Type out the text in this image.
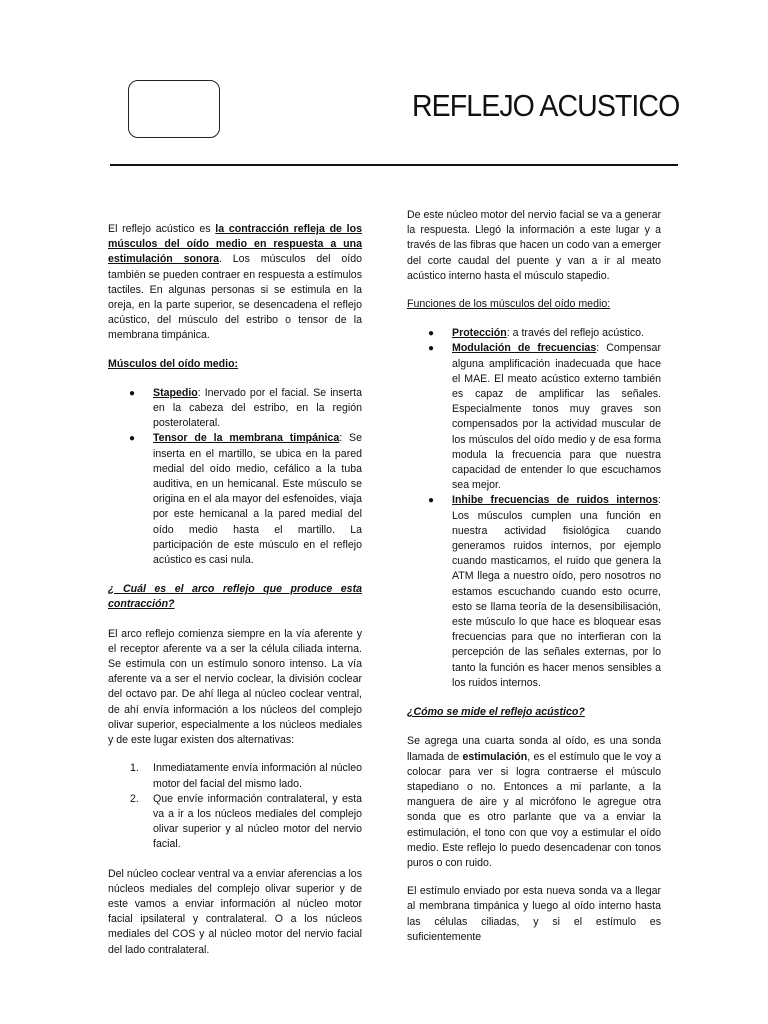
REFLEJO ACUSTICO

El reflejo acústico es la contracción refleja de los músculos del oído medio en respuesta a una estimulación sonora. Los músculos del oído también se pueden contraer en respuesta a estímulos tactiles. En algunas personas si se estimula en la oreja, en la parte superior, se desencadena el reflejo acústico, del músculo del estribo o tensor de la membrana timpánica.

Músculos del oído medio:

● Stapedio: Inervado por el facial. Se inserta en la cabeza del estribo, en la región posterolateral.
● Tensor de la membrana timpánica: Se inserta en el martillo, se ubica en la pared medial del oído medio, cefálico a la tuba auditiva, en un hemicanal. Este músculo se origina en el ala mayor del esfenoides, viaja por este hemicanal a la pared medial del oído medio hasta el martillo. La participación de este músculo en el reflejo acústico es casi nula.

¿ Cuál es el arco reflejo que produce esta contracción?

El arco reflejo comienza siempre en la vía aferente y el receptor aferente va a ser la célula ciliada interna. Se estimula con un estímulo sonoro intenso. La vía aferente va a ser el nervio coclear, la división coclear del octavo par. De ahí llega al núcleo coclear ventral, de ahí envía información a los núcleos del complejo olivar superior, especialmente a los núcleos mediales y de este lugar existen dos alternativas:

1. Inmediatamente envía información al núcleo motor del facial del mismo lado.
2. Que envíe información contralateral, y esta va a ir a los núcleos mediales del complejo olivar superior y al núcleo motor del nervio facial.

Del núcleo coclear ventral va a enviar aferencias a los núcleos mediales del complejo olivar superior y de este vamos a enviar información al núcleo motor facial ipsilateral y contralateral. O a los núcleos mediales del COS y al núcleo motor del nervio facial del lado contralateral.

De este núcleo motor del nervio facial se va a generar la respuesta. Llegó la información a este lugar y a través de las fibras que hacen un codo van a emerger del corte caudal del puente y van a ir al meato acústico interno hasta el músculo stapedio.

Funciones de los músculos del oído medio:

● Protección: a través del reflejo acústico.
● Modulación de frecuencias: Compensar alguna amplificación inadecuada que hace el MAE. El meato acústico externo también es capaz de amplificar las señales. Especialmente tonos muy graves son compensados por la actividad muscular de los músculos del oído medio y de esa forma modula la frecuencia para que nuestra capacidad de entender lo que escuchamos sea mejor.
● Inhibe frecuencias de ruidos internos: Los músculos cumplen una función en nuestra actividad fisiológica cuando generamos ruidos internos, por ejemplo cuando masticamos, el ruido que genera la ATM llega a nuestro oído, pero nosotros no estamos escuchando cuando esto ocurre, esto se llama teoría de la desensibilisación, este músculo lo que hace es bloquear esas frecuencias para que no interfieran con la percepción de las señales externas, por lo tanto la función es hacer menos sensibles a los ruidos internos.

¿Cómo se mide el reflejo acústico?

Se agrega una cuarta sonda al oído, es una sonda llamada de estimulación, es el estímulo que le voy a colocar para ver si logra contraerse el músculo stapediano o no. Entonces a mi parlante, a la manguera de aire y al micrófono le agregue otra sonda que es otro parlante que va a enviar la estimulación, el tono con que voy a estimular el oído medio. Este reflejo lo puedo desencadenar con tonos puros o con ruido.

El estímulo enviado por esta nueva sonda va a llegar al membrana timpánica y luego al oído interno hasta las células ciliadas, y si el estímulo es suficientemente
